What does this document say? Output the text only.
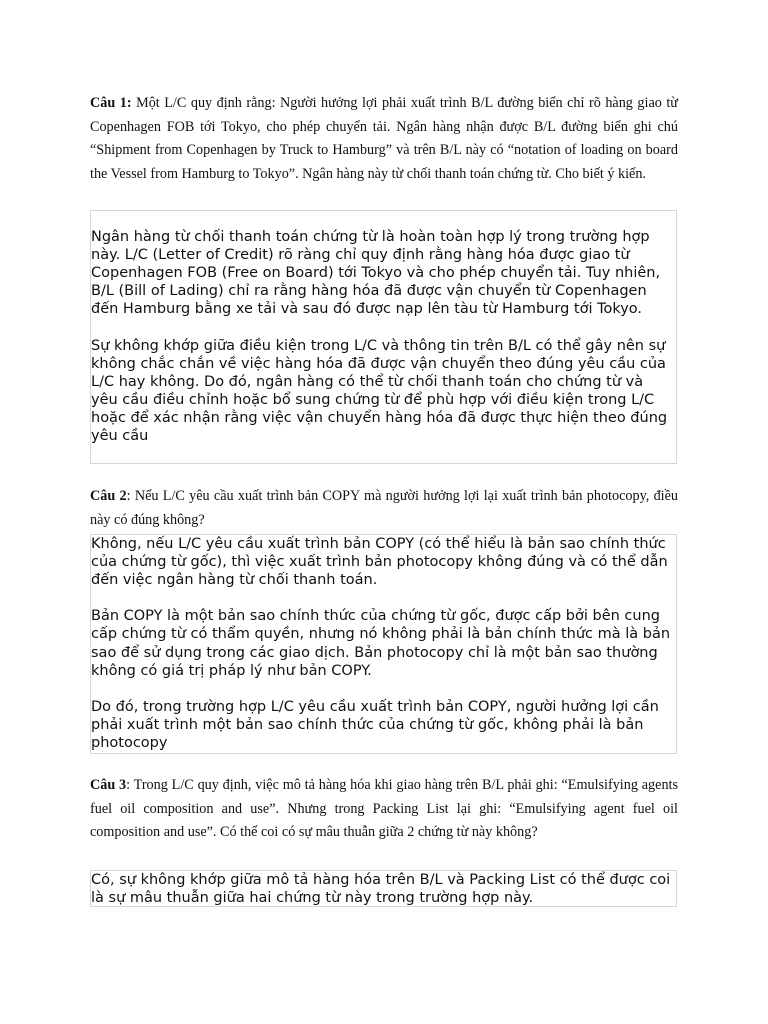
Câu 1: Một L/C quy định rằng: Người hưởng lợi phải xuất trình B/L đường biển chỉ rõ hàng giao từ Copenhagen FOB tới Tokyo, cho phép chuyển tải. Ngân hàng nhận được B/L đường biển ghi chú “Shipment from Copenhagen by Truck to Hamburg” và trên B/L này có “notation of loading on board the Vessel from Hamburg to Tokyo”. Ngân hàng này từ chối thanh toán chứng từ. Cho biết ý kiến.

Ngân hàng từ chối thanh toán chứng từ là hoàn toàn hợp lý trong trường hợp này. L/C (Letter of Credit) rõ ràng chỉ quy định rằng hàng hóa được giao từ Copenhagen FOB (Free on Board) tới Tokyo và cho phép chuyển tải. Tuy nhiên, B/L (Bill of Lading) chỉ ra rằng hàng hóa đã được vận chuyển từ Copenhagen đến Hamburg bằng xe tải và sau đó được nạp lên tàu từ Hamburg tới Tokyo.

Sự không khớp giữa điều kiện trong L/C và thông tin trên B/L có thể gây nên sự không chắc chắn về việc hàng hóa đã được vận chuyển theo đúng yêu cầu của L/C hay không. Do đó, ngân hàng có thể từ chối thanh toán cho chứng từ và yêu cầu điều chỉnh hoặc bổ sung chứng từ để phù hợp với điều kiện trong L/C hoặc để xác nhận rằng việc vận chuyển hàng hóa đã được thực hiện theo đúng yêu cầu

Câu 2: Nếu L/C yêu cầu xuất trình bản COPY mà người hưởng lợi lại xuất trình bản photocopy, điều này có đúng không?

Không, nếu L/C yêu cầu xuất trình bản COPY (có thể hiểu là bản sao chính thức của chứng từ gốc), thì việc xuất trình bản photocopy không đúng và có thể dẫn đến việc ngân hàng từ chối thanh toán.

Bản COPY là một bản sao chính thức của chứng từ gốc, được cấp bởi bên cung cấp chứng từ có thẩm quyền, nhưng nó không phải là bản chính thức mà là bản sao để sử dụng trong các giao dịch. Bản photocopy chỉ là một bản sao thường không có giá trị pháp lý như bản COPY.

Do đó, trong trường hợp L/C yêu cầu xuất trình bản COPY, người hưởng lợi cần phải xuất trình một bản sao chính thức của chứng từ gốc, không phải là bản photocopy

Câu 3: Trong L/C quy định, việc mô tả hàng hóa khi giao hàng trên B/L phải ghi: “Emulsifying agents fuel oil composition and use”. Nhưng trong Packing List lại ghi: “Emulsifying agent fuel oil composition and use”. Có thể coi có sự mâu thuẫn giữa 2 chứng từ này không?

Có, sự không khớp giữa mô tả hàng hóa trên B/L và Packing List có thể được coi là sự mâu thuẫn giữa hai chứng từ này trong trường hợp này.
